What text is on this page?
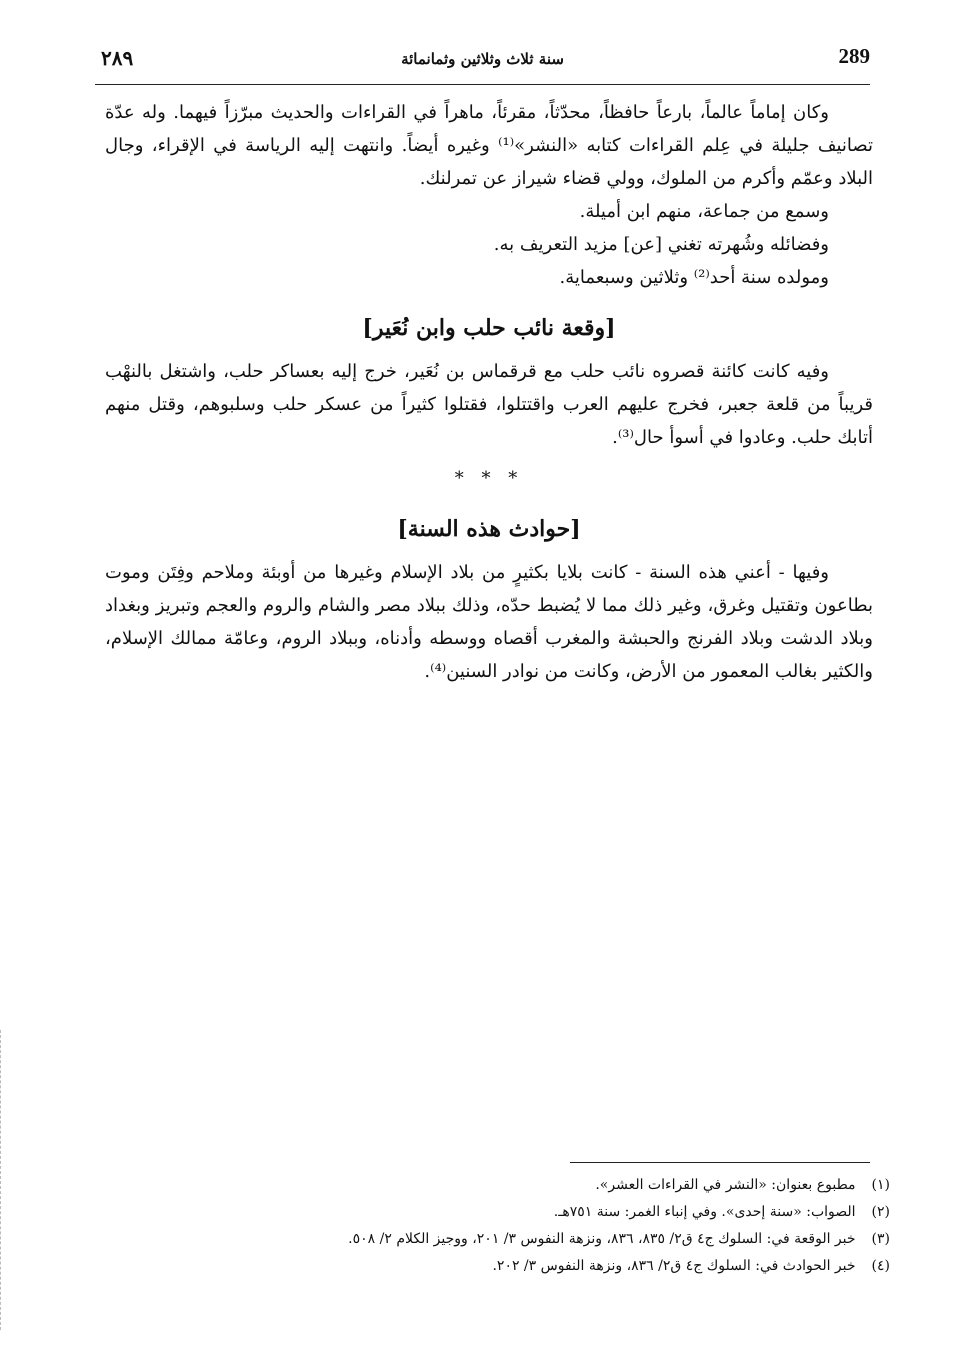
289
سنة ثلاث وثلاثين وثمانمائة
٢٨٩

وكان إماماً عالماً، بارعاً حافظاً، محدّثاً، مقرئاً، ماهراً في القراءات والحديث مبرّزاً فيهما. وله عدّة تصانيف جليلة في عِلم القراءات كتابه «النشر»⁽¹⁾ وغيره أيضاً. وانتهت إليه الرياسة في الإقراء، وجال البلاد وعمّم وأكرم من الملوك، وولي قضاء شيراز عن تمرلنك.

وسمع من جماعة، منهم ابن أميلة.

وفضائله وشُهرته تغني [عن] مزيد التعريف به.

ومولده سنة أحد⁽²⁾ وثلاثين وسبعماية.

[وقعة نائب حلب وابن نُعَير]

وفيه كانت كائنة قصروه نائب حلب مع قرقماس بن نُعَير، خرج إليه بعساكر حلب، واشتغل بالنهْب قريباً من قلعة جعبر، فخرج عليهم العرب واقتتلوا، فقتلوا كثيراً من عسكر حلب وسلبوهم، وقتل منهم أتابك حلب. وعادوا في أسوأ حال⁽³⁾.

* * *
[حوادث هذه السنة]

وفيها - أعني هذه السنة - كانت بلايا بكثيرٍ من بلاد الإسلام وغيرها من أوبئة وملاحم وفِتَن وموت بطاعون وتقتيل وغرق، وغير ذلك مما لا يُضبط حدّه، وذلك ببلاد مصر والشام والروم والعجم وتبريز وبغداد وبلاد الدشت وبلاد الفرنج والحبشة والمغرب أقصاه ووسطه وأدناه، وببلاد الروم، وعامّة ممالك الإسلام، والكثير بغالب المعمور من الأرض، وكانت من نوادر السنين⁽⁴⁾.

(١) مطبوع بعنوان: «النشر في القراءات العشر».
(٢) الصواب: «سنة إحدى». وفي إنباء الغمر: سنة ٧٥١هـ.
(٣) خبر الوقعة في: السلوك ج٤ ق٢/ ٨٣٥، ٨٣٦، ونزهة النفوس ٣/ ٢٠١، ووجيز الكلام ٢/ ٥٠٨.
(٤) خبر الحوادث في: السلوك ج٤ ق٢/ ٨٣٦، ونزهة النفوس ٣/ ٢٠٢.
